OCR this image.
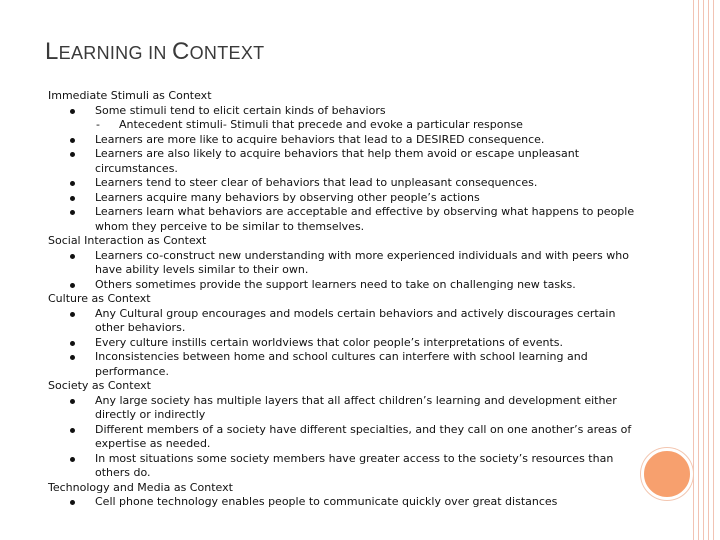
LEARNING IN CONTEXT
Immediate Stimuli as Context
Some stimuli tend to elicit certain kinds of behaviors
- Antecedent stimuli- Stimuli that precede and evoke a particular response
Learners are more like to acquire behaviors that lead to a DESIRED consequence.
Learners are also likely to acquire behaviors that help them avoid or escape unpleasant circumstances.
Learners tend to steer clear of behaviors that lead to unpleasant consequences.
Learners acquire many behaviors by observing other people’s actions
Learners learn what behaviors are acceptable and effective by observing what happens to people whom they perceive to be similar to themselves.
Social Interaction as Context
Learners co-construct new understanding with more experienced individuals and with peers who have ability levels similar to their own.
Others sometimes provide the support learners need to take on challenging new tasks.
Culture as Context
Any Cultural group encourages and models certain behaviors and actively discourages certain other behaviors.
Every culture instills certain worldviews that color people’s interpretations of events.
Inconsistencies between home and school cultures can interfere with school learning and performance.
Society as Context
Any large society has multiple layers that all affect children’s learning and development either directly or indirectly
Different members of a society have different specialties, and they call on one another’s areas of expertise as needed.
In most situations some society members have greater access to the society’s resources than others do.
Technology and Media as Context
Cell phone technology enables people to communicate quickly over great distances
